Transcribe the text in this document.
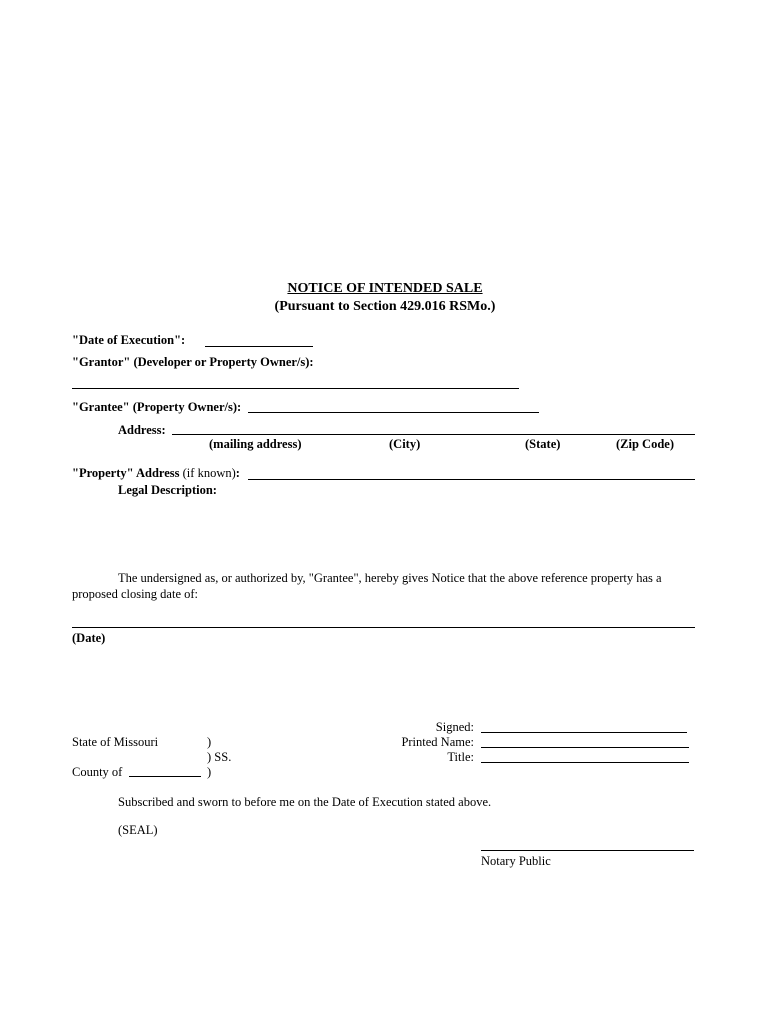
NOTICE OF INTENDED SALE
(Pursuant to Section 429.016 RSMo.)
"Date of Execution":
"Grantor" (Developer or Property Owner/s):
"Grantee" (Property Owner/s):
Address:
(mailing address)	(City)	(State)	(Zip Code)
"Property" Address (if known):
Legal Description:
The undersigned as, or authorized by, "Grantee", hereby gives Notice that the above reference property has a
proposed closing date of:
(Date)
Signed:
Printed Name:
Title:
State of Missouri	)
) SS.
County of	)
Subscribed and sworn to before me on the Date of Execution stated above.
(SEAL)
Notary Public
